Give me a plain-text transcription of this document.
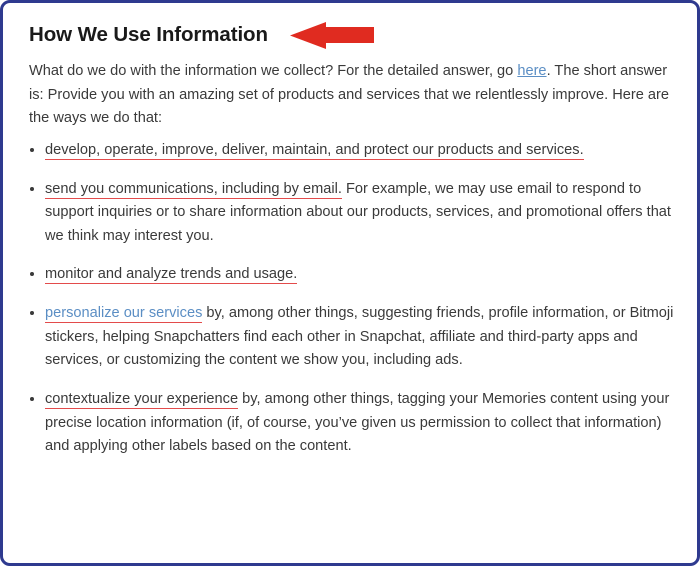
How We Use Information

What do we do with the information we collect? For the detailed answer, go here. The short answer is: Provide you with an amazing set of products and services that we relentlessly improve. Here are the ways we do that:

develop, operate, improve, deliver, maintain, and protect our products and services.
send you communications, including by email. For example, we may use email to respond to support inquiries or to share information about our products, services, and promotional offers that we think may interest you.
monitor and analyze trends and usage.
personalize our services by, among other things, suggesting friends, profile information, or Bitmoji stickers, helping Snapchatters find each other in Snapchat, affiliate and third-party apps and services, or customizing the content we show you, including ads.
contextualize your experience by, among other things, tagging your Memories content using your precise location information (if, of course, you’ve given us permission to collect that information) and applying other labels based on the content.
